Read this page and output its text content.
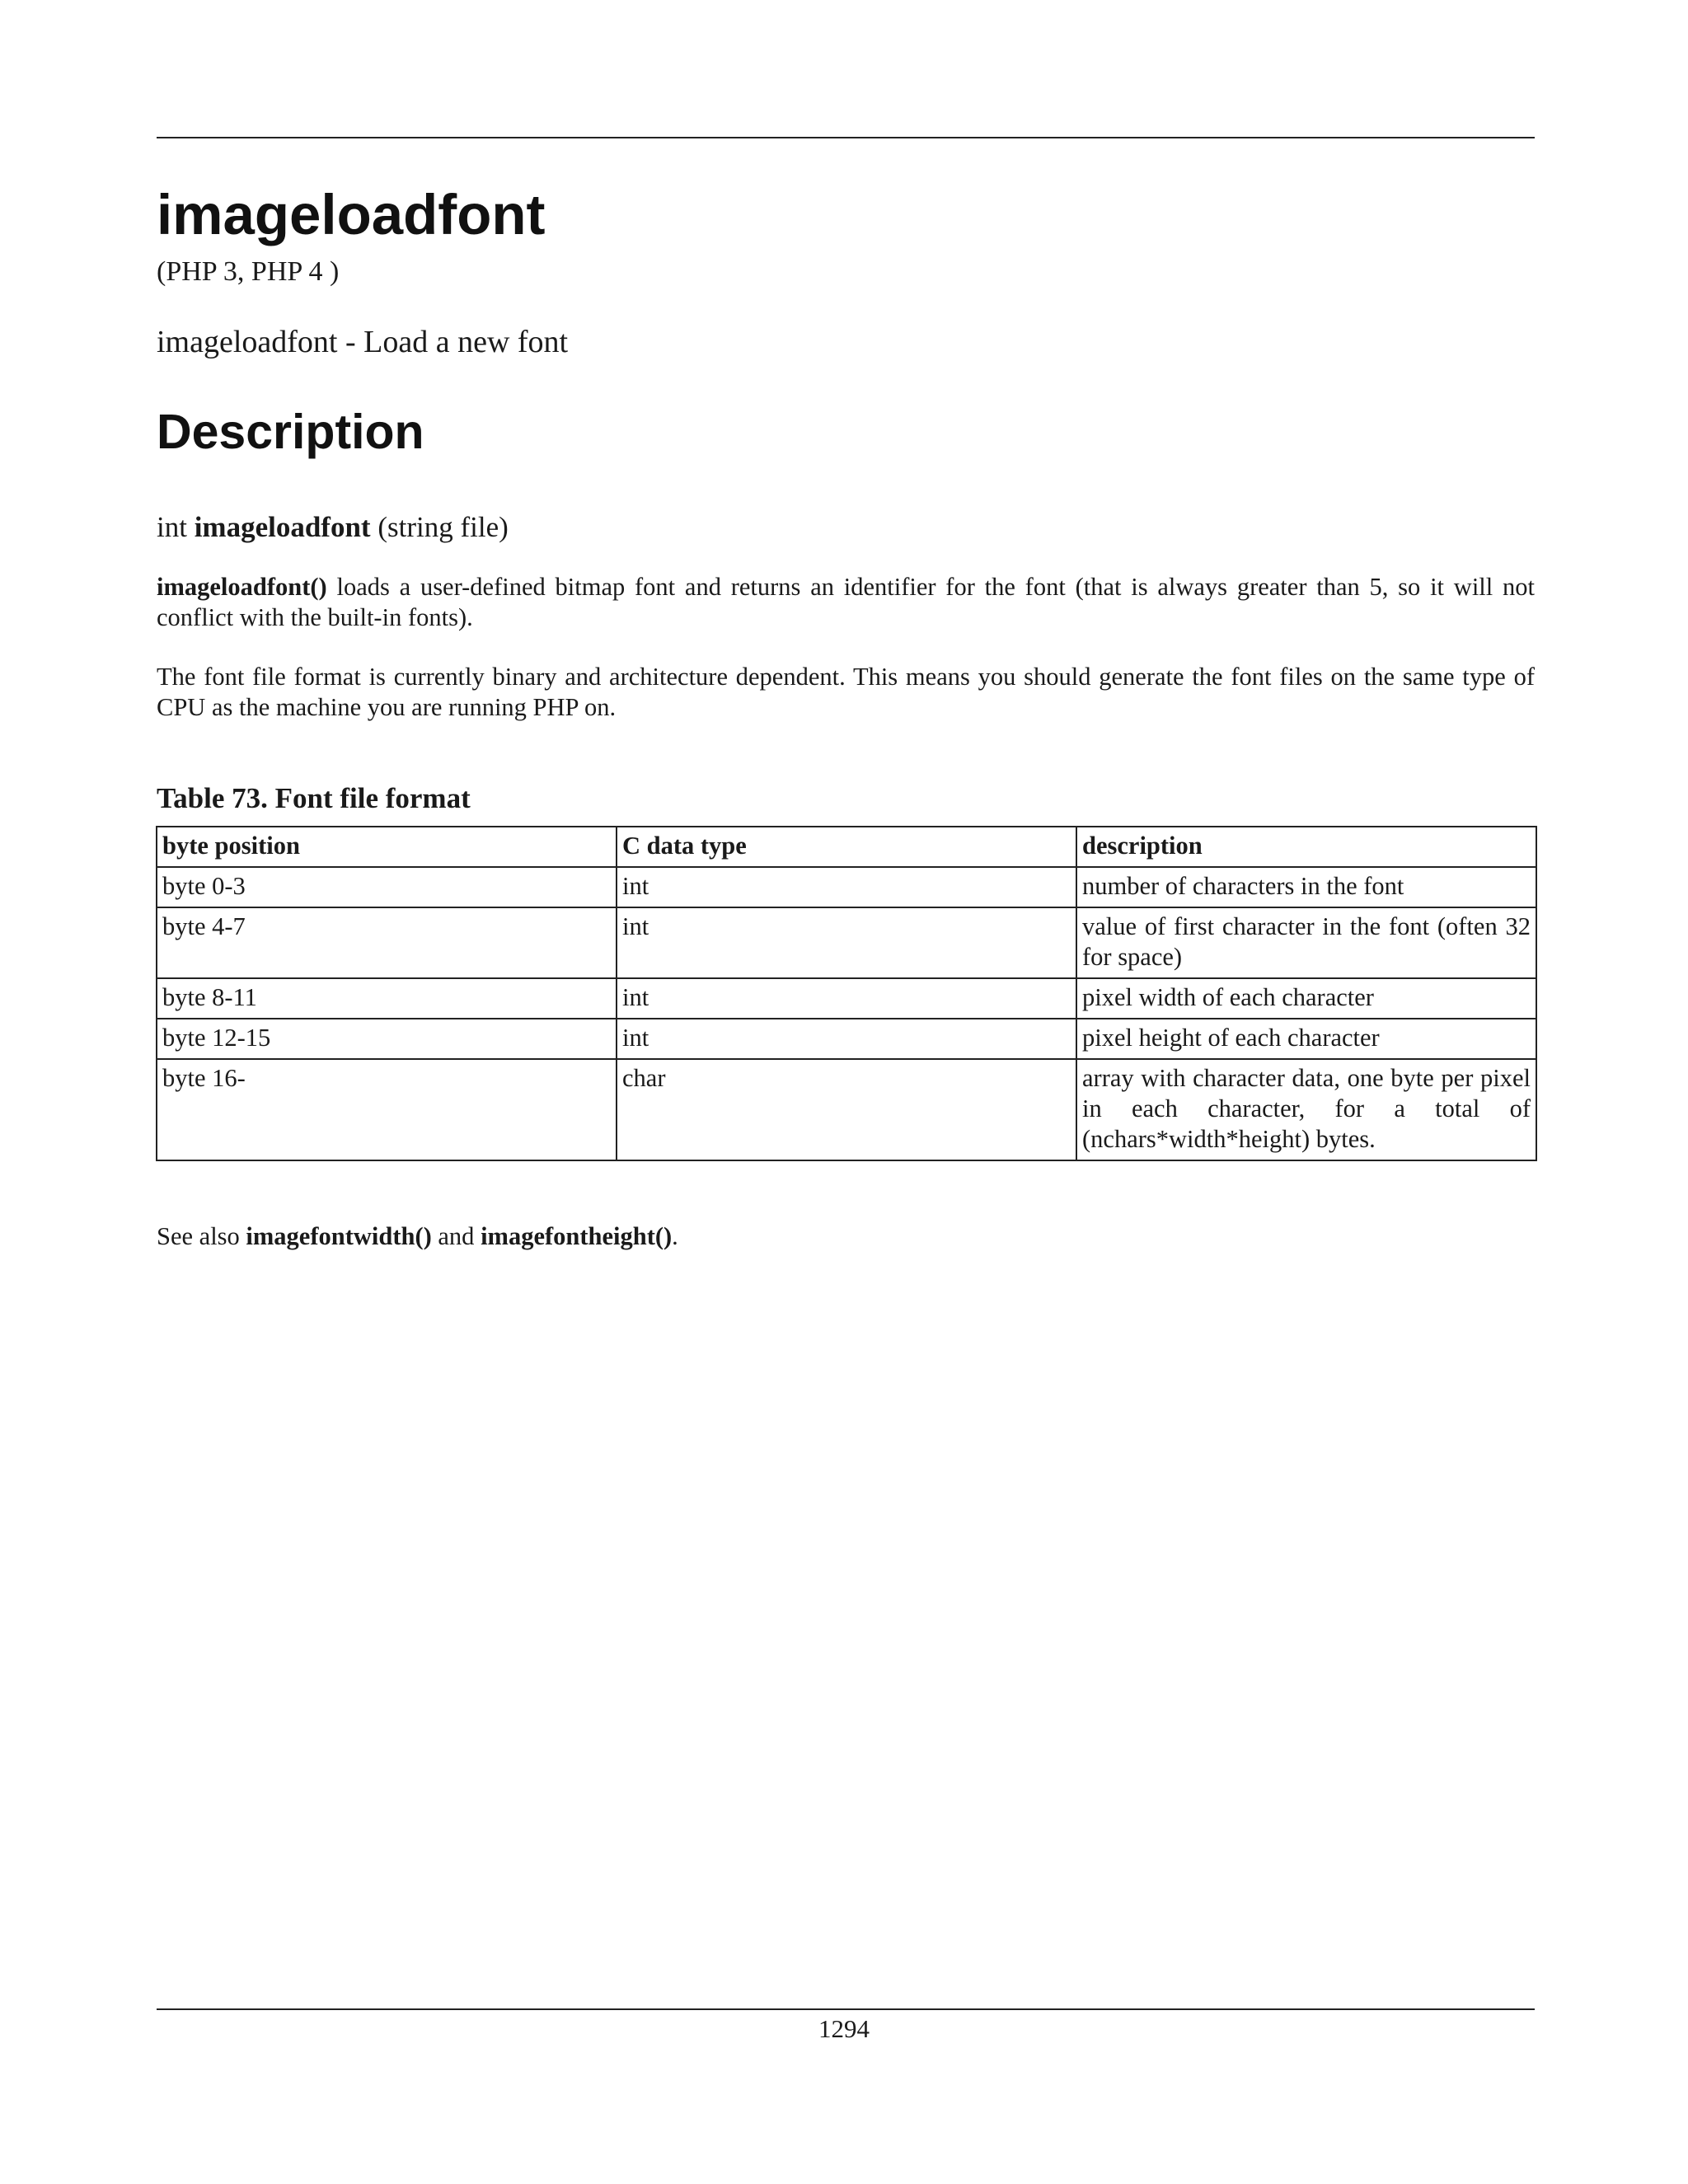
imageloadfont
(PHP 3, PHP 4 )
imageloadfont - Load a new font
Description
int imageloadfont (string file)

imageloadfont() loads a user-defined bitmap font and returns an identifier for the font (that is always greater than 5, so it will not conflict with the built-in fonts).

The font file format is currently binary and architecture dependent. This means you should generate the font files on the same type of CPU as the machine you are running PHP on.

Table 73. Font file format
byte position	C data type	description
byte 0-3	int	number of characters in the font
byte 4-7	int	value of first character in the font (often 32 for space)
byte 8-11	int	pixel width of each character
byte 12-15	int	pixel height of each character
byte 16-	char	array with character data, one byte per pixel in each character, for a total of (nchars*width*height) bytes.
See also imagefontwidth() and imagefontheight().
1294
